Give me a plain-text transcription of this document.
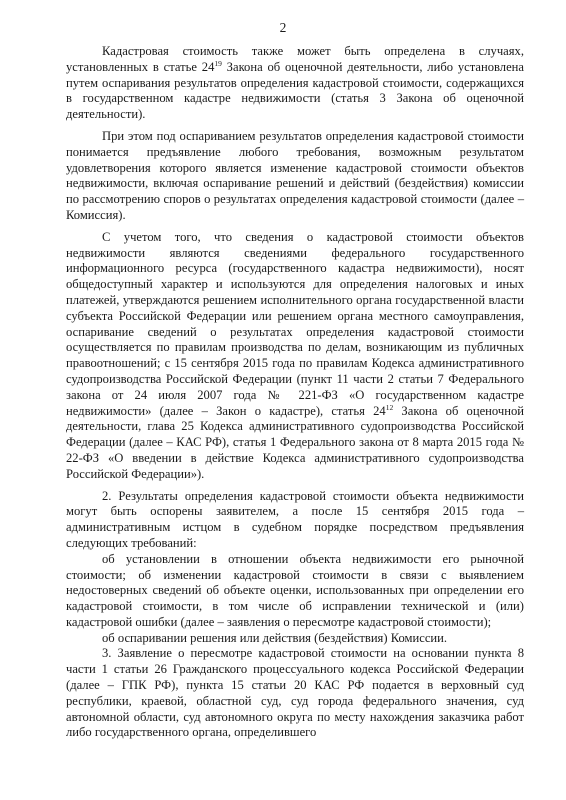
2

Кадастровая стоимость также может быть определена в случаях, установленных в статье $24^{19}$ Закона об оценочной деятельности, либо установлена путем оспаривания результатов определения кадастровой стоимости, содержащихся в государственном кадастре недвижимости (статья 3 Закона об оценочной деятельности).

При этом под оспариванием результатов определения кадастровой стоимости понимается предъявление любого требования, возможным результатом удовлетворения которого является изменение кадастровой стоимости объектов недвижимости, включая оспаривание решений и действий (бездействия) комиссии по рассмотрению споров о результатах определения кадастровой стоимости (далее – Комиссия).

С учетом того, что сведения о кадастровой стоимости объектов недвижимости являются сведениями федерального государственного информационного ресурса (государственного кадастра недвижимости), носят общедоступный характер и используются для определения налоговых и иных платежей, утверждаются решением исполнительного органа государственной власти субъекта Российской Федерации или решением органа местного самоуправления, оспаривание сведений о результатах определения кадастровой стоимости осуществляется по правилам производства по делам, возникающим из публичных правоотношений; с 15 сентября 2015 года по правилам Кодекса административного судопроизводства Российской Федерации (пункт 11 части 2 статьи 7 Федерального закона от 24 июля 2007 года № 221-ФЗ «О государственном кадастре недвижимости» (далее – Закон о кадастре), статья $24^{12}$ Закона об оценочной деятельности, глава 25 Кодекса административного судопроизводства Российской Федерации (далее – КАС РФ), статья 1 Федерального закона от 8 марта 2015 года № 22-ФЗ «О введении в действие Кодекса административного судопроизводства Российской Федерации»).

2. Результаты определения кадастровой стоимости объекта недвижимости могут быть оспорены заявителем, а после 15 сентября 2015 года – административным истцом в судебном порядке посредством предъявления следующих требований:

об установлении в отношении объекта недвижимости его рыночной стоимости; об изменении кадастровой стоимости в связи с выявлением недостоверных сведений об объекте оценки, использованных при определении его кадастровой стоимости, в том числе об исправлении технической и (или) кадастровой ошибки (далее – заявления о пересмотре кадастровой стоимости);

об оспаривании решения или действия (бездействия) Комиссии.

3. Заявление о пересмотре кадастровой стоимости на основании пункта 8 части 1 статьи 26 Гражданского процессуального кодекса Российской Федерации (далее – ГПК РФ), пункта 15 статьи 20 КАС РФ подается в верховный суд республики, краевой, областной суд, суд города федерального значения, суд автономной области, суд автономного округа по месту нахождения заказчика работ либо государственного органа, определившего
